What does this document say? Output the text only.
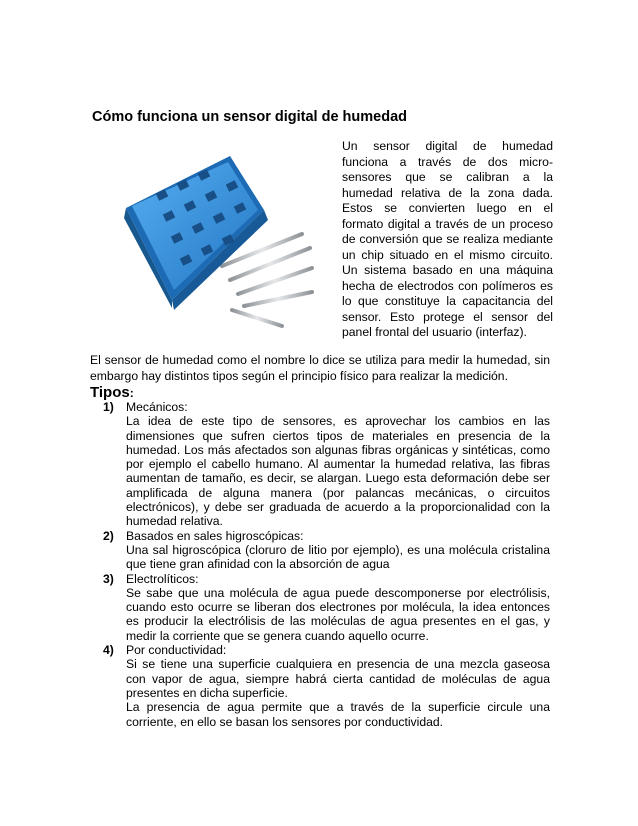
Cómo funciona un sensor digital de humedad

Un sensor digital de humedad funciona a través de dos micro-sensores que se calibran a la humedad relativa de la zona dada. Estos se convierten luego en el formato digital a través de un proceso de conversión que se realiza mediante un chip situado en el mismo circuito. Un sistema basado en una máquina hecha de electrodos con polímeros es lo que constituye la capacitancia del sensor. Esto protege el sensor del panel frontal del usuario (interfaz).

El sensor de humedad como el nombre lo dice se utiliza para medir la humedad, sin embargo hay distintos tipos según el principio físico para realizar la medición.

Tipos:
1) Mecánicos:
La idea de este tipo de sensores, es aprovechar los cambios en las dimensiones que sufren ciertos tipos de materiales en presencia de la humedad. Los más afectados son algunas fibras orgánicas y sintéticas, como por ejemplo el cabello humano. Al aumentar la humedad relativa, las fibras aumentan de tamaño, es decir, se alargan. Luego esta deformación debe ser amplificada de alguna manera (por palancas mecánicas, o circuitos electrónicos), y debe ser graduada de acuerdo a la proporcionalidad con la humedad relativa.
2) Basados en sales higroscópicas:
Una sal higroscópica (cloruro de litio por ejemplo), es una molécula cristalina que tiene gran afinidad con la absorción de agua
3) Electrolíticos:
Se sabe que una molécula de agua puede descomponerse por electrólisis, cuando esto ocurre se liberan dos electrones por molécula, la idea entonces es producir la electrólisis de las moléculas de agua presentes en el gas, y medir la corriente que se genera cuando aquello ocurre.
4) Por conductividad:
Si se tiene una superficie cualquiera en presencia de una mezcla gaseosa con vapor de agua, siempre habrá cierta cantidad de moléculas de agua presentes en dicha superficie.
La presencia de agua permite que a través de la superficie circule una corriente, en ello se basan los sensores por conductividad.
